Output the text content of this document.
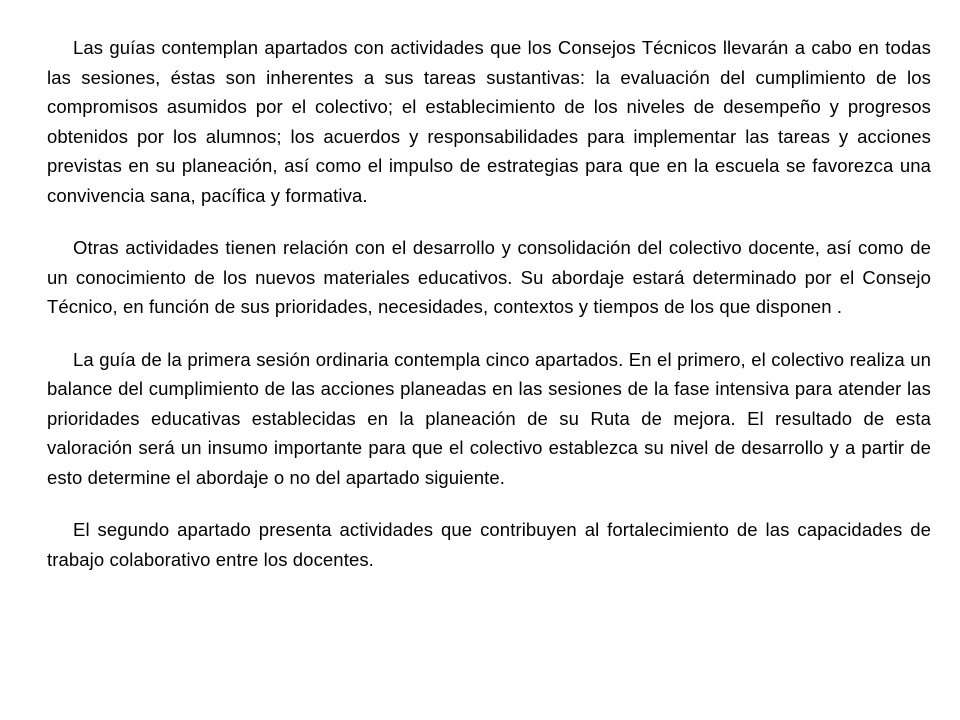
Las guías contemplan apartados con actividades que los Consejos Técnicos llevarán a cabo en todas las sesiones, éstas son inherentes a sus tareas sustantivas: la evaluación del cumplimiento de los compromisos asumidos por el colectivo; el establecimiento de los niveles de desempeño y progresos obtenidos por los alumnos; los acuerdos y responsabilidades para implementar las tareas y acciones previstas en su planeación, así como el impulso de estrategias para que en la escuela se favorezca una convivencia sana, pacífica y formativa.

Otras actividades tienen relación con el desarrollo y consolidación del colectivo docente, así como de un conocimiento de los nuevos materiales educativos. Su abordaje estará determinado por el Consejo Técnico, en función de sus prioridades, necesidades, contextos y tiempos de los que disponen .

La guía de la primera sesión ordinaria contempla cinco apartados. En el primero, el colectivo realiza un balance del cumplimiento de las acciones planeadas en las sesiones de la fase intensiva para atender las prioridades educativas establecidas en la planeación de su Ruta de mejora. El resultado de esta valoración será un insumo importante para que el colectivo establezca su nivel de desarrollo y a partir de esto determine el abordaje o no del apartado siguiente.

El segundo apartado presenta actividades que contribuyen al fortalecimiento de las capacidades de trabajo colaborativo entre los docentes.
